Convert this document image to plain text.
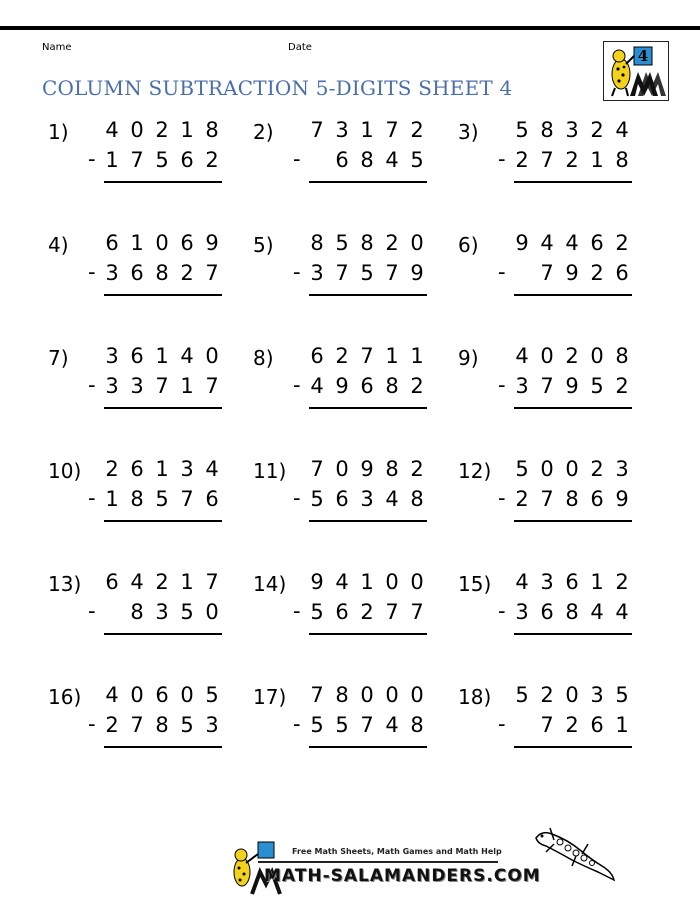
Name	Date
COLUMN SUBTRACTION 5-DIGITS SHEET 4
4
1) 4 0 2 1 8
- 1 7 5 6 2
2) 7 3 1 7 2
-
6 8 4 5
3) 5 8 3 2 4
- 2 7 2 1 8
4) 6 1 0 6 9
- 3 6 8 2 7
5) 8 5 8 2 0
- 3 7 5 7 9
6) 9 4 4 6 2
-
7 9 2 6
7) 3 6 1 4 0
- 3 3 7 1 7
8) 6 2 7 1 1
- 4 9 6 8 2
9) 4 0 2 0 8
- 3 7 9 5 2
10) 2 6 1 3 4
- 1 8 5 7 6
11) 7 0 9 8 2
- 5 6 3 4 8
12) 5 0 0 2 3
- 2 7 8 6 9
13) 6 4 2 1 7
-
8 3 5 0
14) 9 4 1 0 0
- 5 6 2 7 7
15) 4 3 6 1 2
- 3 6 8 4 4
16) 4 0 6 0 5
- 2 7 8 5 3
17) 7 8 0 0 0
- 5 5 7 4 8
18) 5 2 0 3 5
-
7 2 6 1
Free Math Sheets, Math Games and Math Help
MATH-SALAMANDERS.COM
